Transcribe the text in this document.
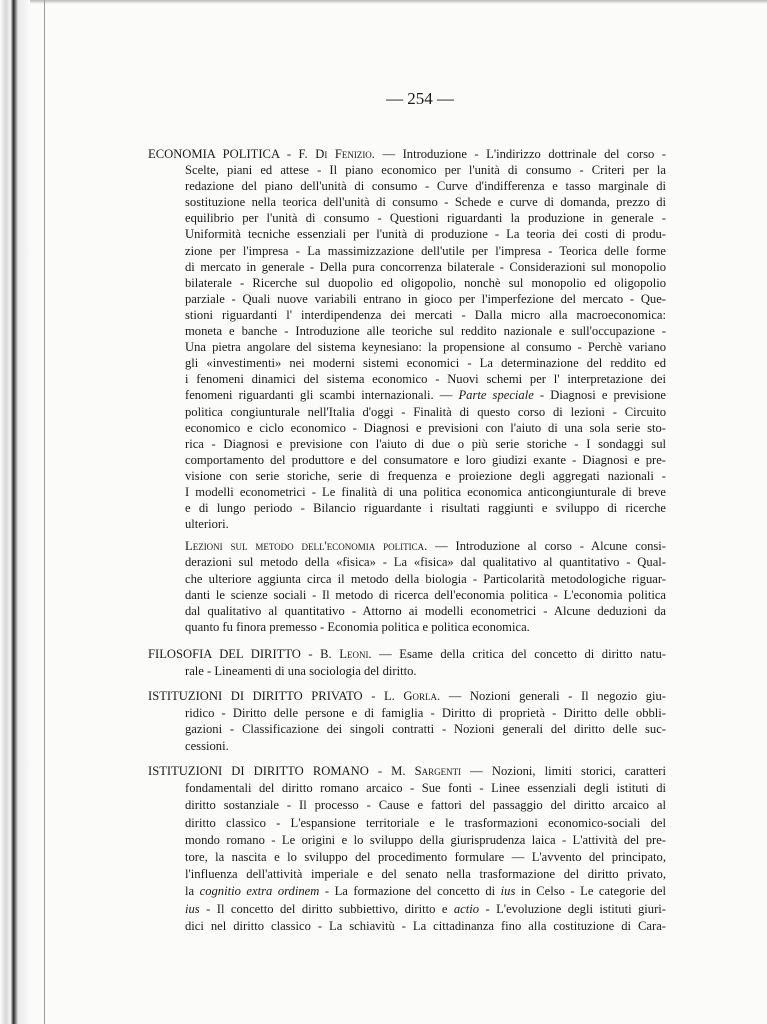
— 254 —
ECONOMIA POLITICA - F. Di Fenizio. — Introduzione - L'indirizzo dottrinale del corso -
Scelte, piani ed attese - Il piano economico per l'unità di consumo - Criteri per la
redazione del piano dell'unità di consumo - Curve d'indifferenza e tasso marginale di
sostituzione nella teorica dell'unità di consumo - Schede e curve di domanda, prezzo di
equilibrio per l'unità di consumo - Questioni riguardanti la produzione in generale -
Uniformità tecniche essenziali per l'unità di produzione - La teoria dei costi di produ-
zione per l'impresa - La massimizzazione dell'utile per l'impresa - Teorica delle forme
di mercato in generale - Della pura concorrenza bilaterale - Considerazioni sul monopolio
bilaterale - Ricerche sul duopolio ed oligopolio, nonchè sul monopolio ed oligopolio
parziale - Quali nuove variabili entrano in gioco per l'imperfezione del mercato - Que-
stioni riguardanti l' interdipendenza dei mercati - Dalla micro alla macroeconomica:
moneta e banche - Introduzione alle teoriche sul reddito nazionale e sull'occupazione -
Una pietra angolare del sistema keynesiano: la propensione al consumo - Perchè variano
gli «investimenti» nei moderni sistemi economici - La determinazione del reddito ed
i fenomeni dinamici del sistema economico - Nuovi schemi per l' interpretazione dei
fenomeni riguardanti gli scambi internazionali. — Parte speciale - Diagnosi e previsione
politica congiunturale nell'Italia d'oggi - Finalità di questo corso di lezioni - Circuito
economico e ciclo economico - Diagnosi e previsioni con l'aiuto di una sola serie sto-
rica - Diagnosi e previsione con l'aiuto di due o più serie storiche - I sondaggi sul
comportamento del produttore e del consumatore e loro giudizi exante - Diagnosi e pre-
visione con serie storiche, serie di frequenza e proiezione degli aggregati nazionali -
I modelli econometrici - Le finalità di una politica economica anticongiunturale di breve
e di lungo periodo - Bilancio riguardante i risultati raggiunti e sviluppo di ricerche
ulteriori.
Lezioni sul metodo dell'economia politica. — Introduzione al corso - Alcune consi-
derazioni sul metodo della «fisica» - La «fisica» dal qualitativo al quantitativo - Qual-
che ulteriore aggiunta circa il metodo della biologia - Particolarità metodologiche riguar-
danti le scienze sociali - Il metodo di ricerca dell'economia politica - L'economia politica
dal qualitativo al quantitativo - Attorno ai modelli econometrici - Alcune deduzioni da
quanto fu finora premesso - Economia politica e politica economica.
FILOSOFIA DEL DIRITTO - B. Leoni. — Esame della critica del concetto di diritto natu-
rale - Lineamenti di una sociologia del diritto.
ISTITUZIONI DI DIRITTO PRIVATO - L. Gorla. — Nozioni generali - Il negozio giu-
ridico - Diritto delle persone e di famiglia - Diritto di proprietà - Diritto delle obbli-
gazioni - Classificazione dei singoli contratti - Nozioni generali del diritto delle suc-
cessioni.
ISTITUZIONI DI DIRITTO ROMANO - M. Sargenti — Nozioni, limiti storici, caratteri
fondamentali del diritto romano arcaico - Sue fonti - Linee essenziali degli istituti di
diritto sostanziale - Il processo - Cause e fattori del passaggio del diritto arcaico al
diritto classico - L'espansione territoriale e le trasformazioni economico-sociali del
mondo romano - Le origini e lo sviluppo della giurisprudenza laica - L'attività del pre-
tore, la nascita e lo sviluppo del procedimento formulare — L'avvento del principato,
l'influenza dell'attività imperiale e del senato nella trasformazione del diritto privato,
la cognitio extra ordinem - La formazione del concetto di ius in Celso - Le categorie del
ius - Il concetto del diritto subbiettivo, diritto e actio - L'evoluzione degli istituti giuri-
dici nel diritto classico - La schiavitù - La cittadinanza fino alla costituzione di Cara-
